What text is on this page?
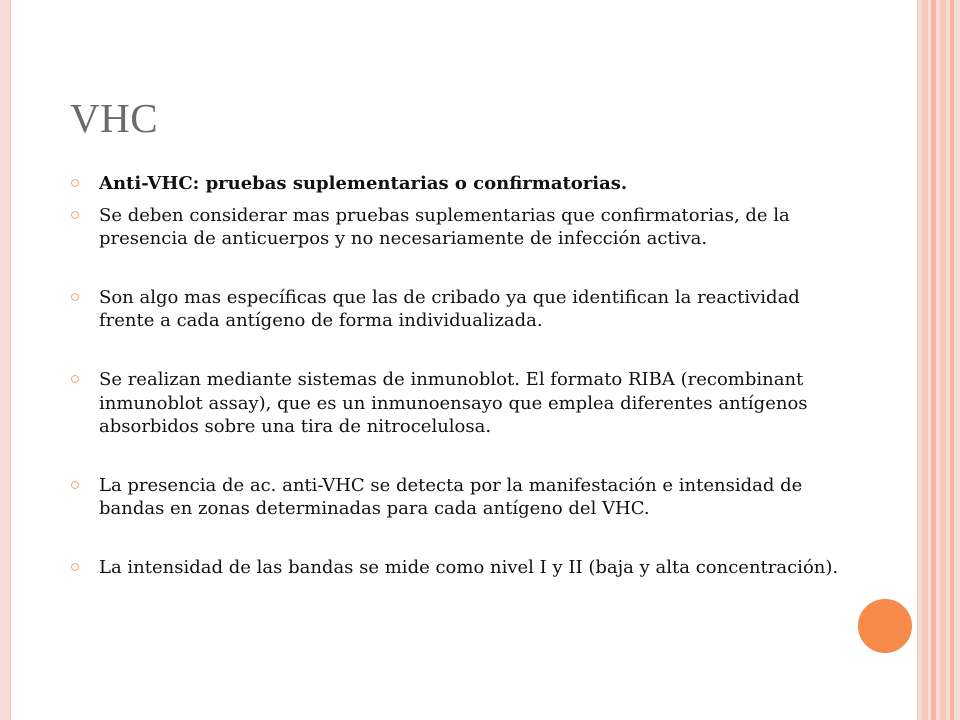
VHC
Anti-VHC: pruebas suplementarias o confirmatorias.
Se deben considerar mas pruebas suplementarias que confirmatorias, de la presencia de anticuerpos y no necesariamente de infección activa.
Son algo mas específicas que las de cribado ya que identifican la reactividad frente a cada antígeno de forma individualizada.
Se realizan mediante sistemas de inmunoblot. El formato RIBA (recombinant inmunoblot assay), que es un inmunoensayo que emplea diferentes antígenos absorbidos sobre una tira de nitrocelulosa.
La presencia de ac. anti-VHC se detecta por la manifestación e intensidad de bandas en zonas determinadas para cada antígeno del VHC.
La intensidad de las bandas se mide como nivel I y II (baja y alta concentración).
